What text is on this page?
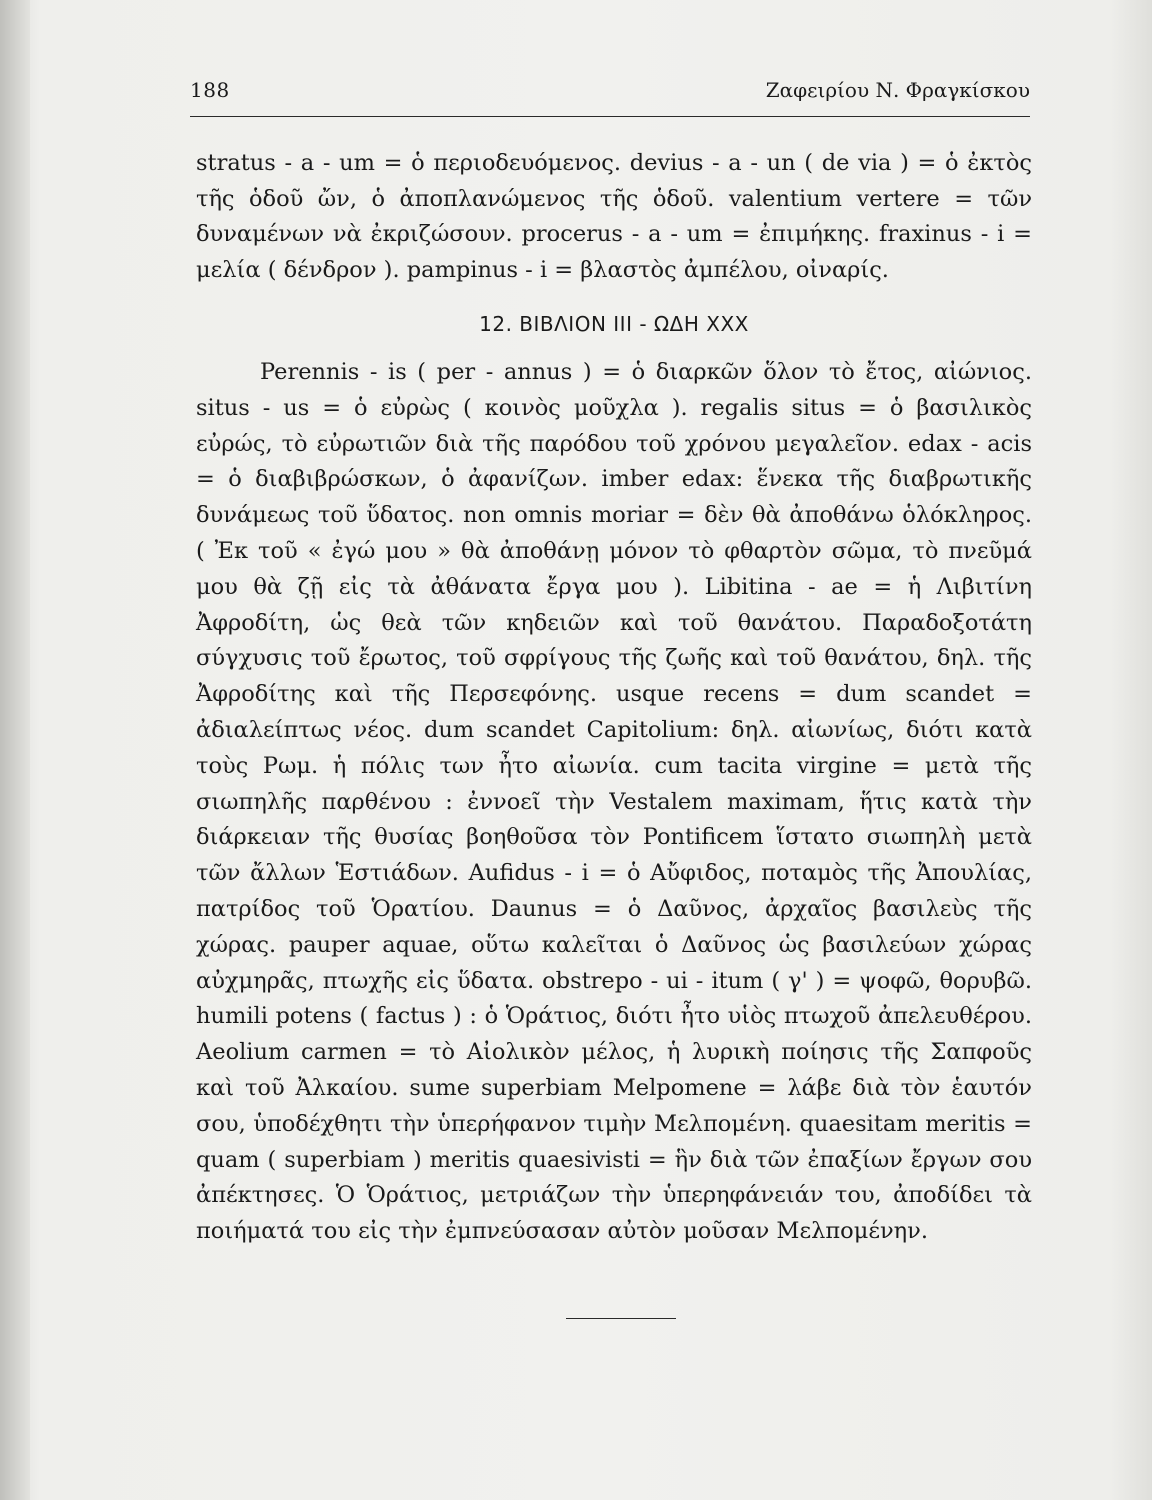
188	Ζαφειρίου Ν. Φραγκίσκου

stratus - a - um = ὁ περιοδευόμενος. devius - a - un ( de via ) = ὁ ἐκτὸς τῆς ὁδοῦ ὤν, ὁ ἀποπλανώμενος τῆς ὁδοῦ. valentium vertere = τῶν δυναμένων νὰ ἐκριζώσουν. procerus - a - um = ἐπιμήκης. fraxinus - i = μελία ( δένδρον ). pampinus - i = βλαστὸς ἀμπέλου, οἰναρίς.

12. ΒΙΒΛΙΟΝ ΙΙΙ - ΩΔΗ ΧΧΧ

Perennis - is ( per - annus ) = ὁ διαρκῶν ὅλον τὸ ἔτος, αἰώνιος. situs - us = ὁ εὐρὼς ( κοινὸς μοῦχλα ). regalis situs = ὁ βασιλικὸς εὐρώς, τὸ εὐρωτιῶν διὰ τῆς παρόδου τοῦ χρόνου μεγαλεῖον. edax - acis = ὁ διαβιβρώσκων, ὁ ἀφανίζων. imber edax: ἕνεκα τῆς διαβρωτικῆς δυνάμεως τοῦ ὕδατος. non omnis moriar = δὲν θὰ ἀποθάνω ὁλόκληρος. ( Ἐκ τοῦ « ἐγώ μου » θὰ ἀποθάνῃ μόνον τὸ φθαρτὸν σῶμα, τὸ πνεῦμά μου θὰ ζῇ εἰς τὰ ἀθάνατα ἔργα μου ). Libitina - ae = ἡ Λιβιτίνη Ἀφροδίτη, ὡς θεὰ τῶν κηδειῶν καὶ τοῦ θανάτου. Παραδοξοτάτη σύγχυσις τοῦ ἔρωτος, τοῦ σφρίγους τῆς ζωῆς καὶ τοῦ θανάτου, δηλ. τῆς Ἀφροδίτης καὶ τῆς Περσεφόνης. usque recens = dum scandet = ἀδιαλείπτως νέος. dum scandet Capitolium: δηλ. αἰωνίως, διότι κατὰ τοὺς Ρωμ. ἡ πόλις των ἦτο αἰωνία. cum tacita virgine = μετὰ τῆς σιωπηλῆς παρθένου : ἐννοεῖ τὴν Vestalem maximam, ἥτις κατὰ τὴν διάρκειαν τῆς θυσίας βοηθοῦσα τὸν Pontificem ἵστατο σιωπηλὴ μετὰ τῶν ἄλλων Ἑστιάδων. Aufidus - i = ὁ Αὔφιδος, ποταμὸς τῆς Ἀπουλίας, πατρίδος τοῦ Ὁρατίου. Daunus = ὁ Δαῦνος, ἀρχαῖος βασιλεὺς τῆς χώρας. pauper aquae, οὕτω καλεῖται ὁ Δαῦνος ὡς βασιλεύων χώρας αὐχμηρᾶς, πτωχῆς εἰς ὕδατα. obstrepo - ui - itum ( γ' ) = ψοφῶ, θορυβῶ. humili potens ( factus ) : ὁ Ὁράτιος, διότι ἦτο υἱὸς πτωχοῦ ἀπελευθέρου. Aeolium carmen = τὸ Αἰολικὸν μέλος, ἡ λυρικὴ ποίησις τῆς Σαπφοῦς καὶ τοῦ Ἀλκαίου. sume superbiam Melpomene = λάβε διὰ τὸν ἑαυτόν σου, ὑποδέχθητι τὴν ὑπερήφανον τιμὴν Μελπομένη. quaesitam meritis = quam ( superbiam ) meritis quaesivisti = ἣν διὰ τῶν ἐπαξίων ἔργων σου ἀπέκτησες. Ὁ Ὁράτιος, μετριάζων τὴν ὑπερηφάνειάν του, ἀποδίδει τὰ ποιήματά του εἰς τὴν ἐμπνεύσασαν αὐτὸν μοῦσαν Μελπομένην.
